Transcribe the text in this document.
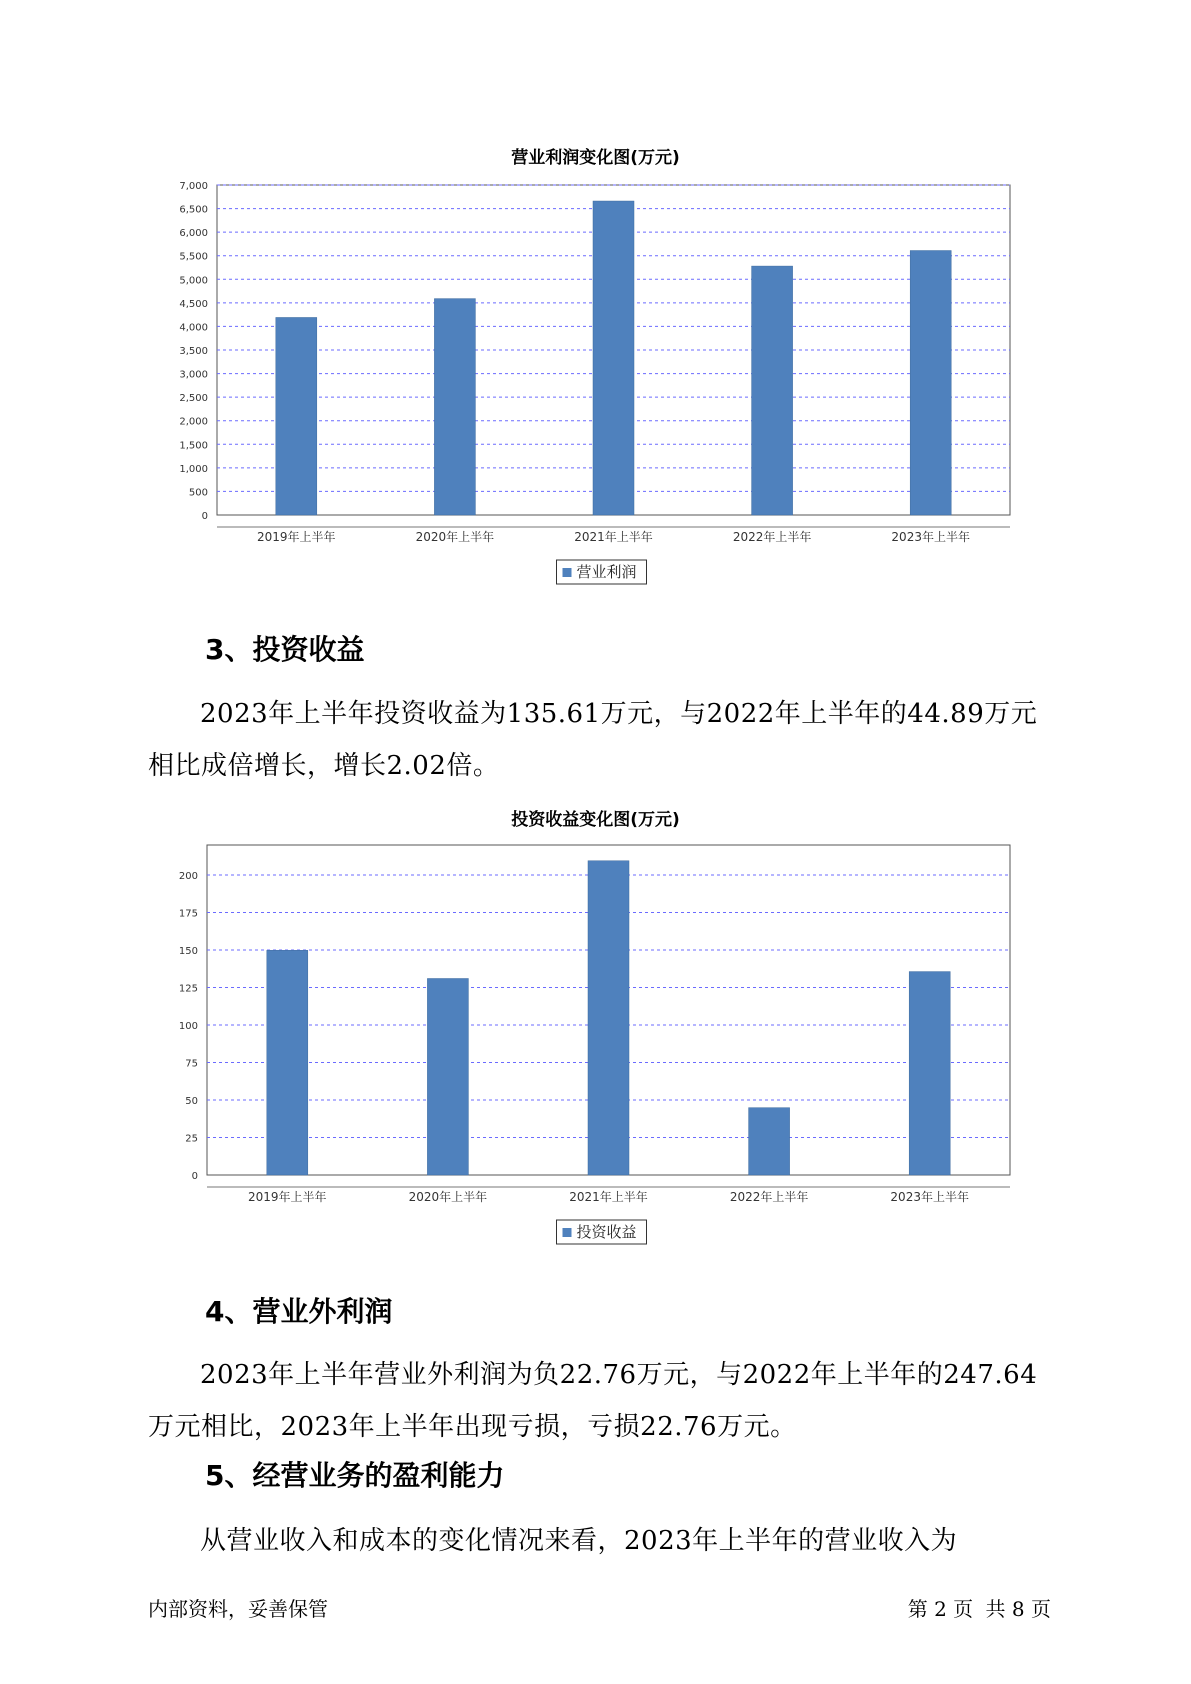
营业利润变化图(万元)
0
500
1,000
1,500
2,000
2,500
3,000
3,500
4,000
4,500
5,000
5,500
6,000
6,500
7,000
2019年上半年	2020年上半年	2021年上半年	2022年上半年	2023年上半年
营业利润
3、投资收益

2023年上半年投资收益为135.61万元，与2022年上半年的44.89万元相比成倍增长，增长2.02倍。

投资收益变化图(万元)
0
25
50
75
100
125
150
175
200
2019年上半年	2020年上半年	2021年上半年	2022年上半年	2023年上半年
投资收益
4、营业外利润

2023年上半年营业外利润为负22.76万元，与2022年上半年的247.64万元相比，2023年上半年出现亏损，亏损22.76万元。

5、经营业务的盈利能力

从营业收入和成本的变化情况来看，2023年上半年的营业收入为

内部资料，妥善保管	第 2 页 共 8 页
